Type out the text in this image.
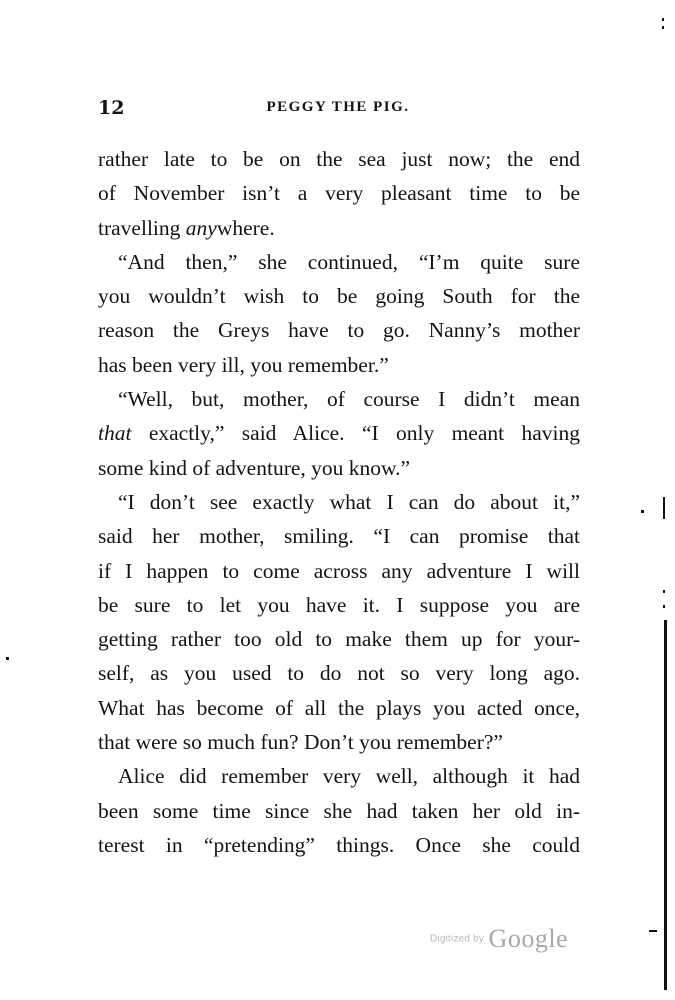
12	PEGGY THE PIG.
rather late to be on the sea just now; the end
of November isn’t a very pleasant time to be
travelling anywhere.
“And then,” she continued, “I’m quite sure
you wouldn’t wish to be going South for the
reason the Greys have to go. Nanny’s mother
has been very ill, you remember.”
“Well, but, mother, of course I didn’t mean
that exactly,” said Alice. “I only meant having
some kind of adventure, you know.”
“I don’t see exactly what I can do about it,”
said her mother, smiling. “I can promise that
if I happen to come across any adventure I will
be sure to let you have it. I suppose you are
getting rather too old to make them up for your-
self, as you used to do not so very long ago.
What has become of all the plays you acted once,
that were so much fun? Don’t you remember?”
Alice did remember very well, although it had
been some time since she had taken her old in-
terest in “pretending” things. Once she could
Digitized by Google
